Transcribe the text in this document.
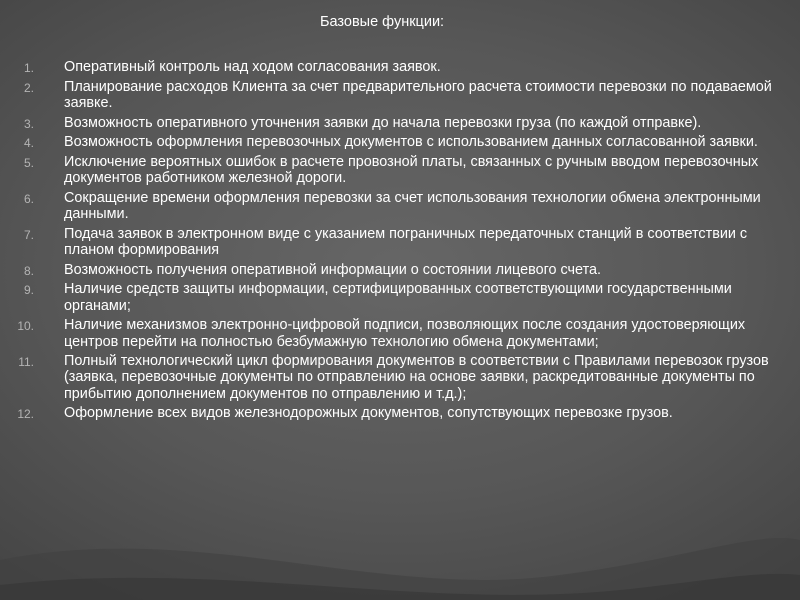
Базовые функции:
1. Оперативный контроль над ходом согласования заявок.
2. Планирование расходов Клиента за счет предварительного расчета стоимости перевозки по подаваемой заявке.
3. Возможность оперативного уточнения заявки до начала перевозки груза (по каждой отправке).
4. Возможность оформления перевозочных документов с использованием данных согласованной заявки.
5. Исключение вероятных ошибок в расчете провозной платы, связанных с ручным вводом перевозочных документов работником железной дороги.
6. Сокращение времени оформления перевозки за счет использования технологии обмена электронными данными.
7. Подача заявок в электронном виде с указанием пограничных передаточных станций в соответствии с планом формирования
8. Возможность получения оперативной информации о состоянии лицевого счета.
9. Наличие средств защиты информации, сертифицированных соответствующими государственными органами;
10. Наличие механизмов электронно-цифровой подписи, позволяющих после создания удостоверяющих центров перейти на полностью безбумажную технологию обмена документами;
11. Полный технологический цикл формирования документов в соответствии с Правилами перевозок грузов (заявка, перевозочные документы по отправлению на основе заявки, раскредитованные документы по прибытию дополнением документов по отправлению и т.д.);
12. Оформление всех видов железнодорожных документов, сопутствующих перевозке грузов.
